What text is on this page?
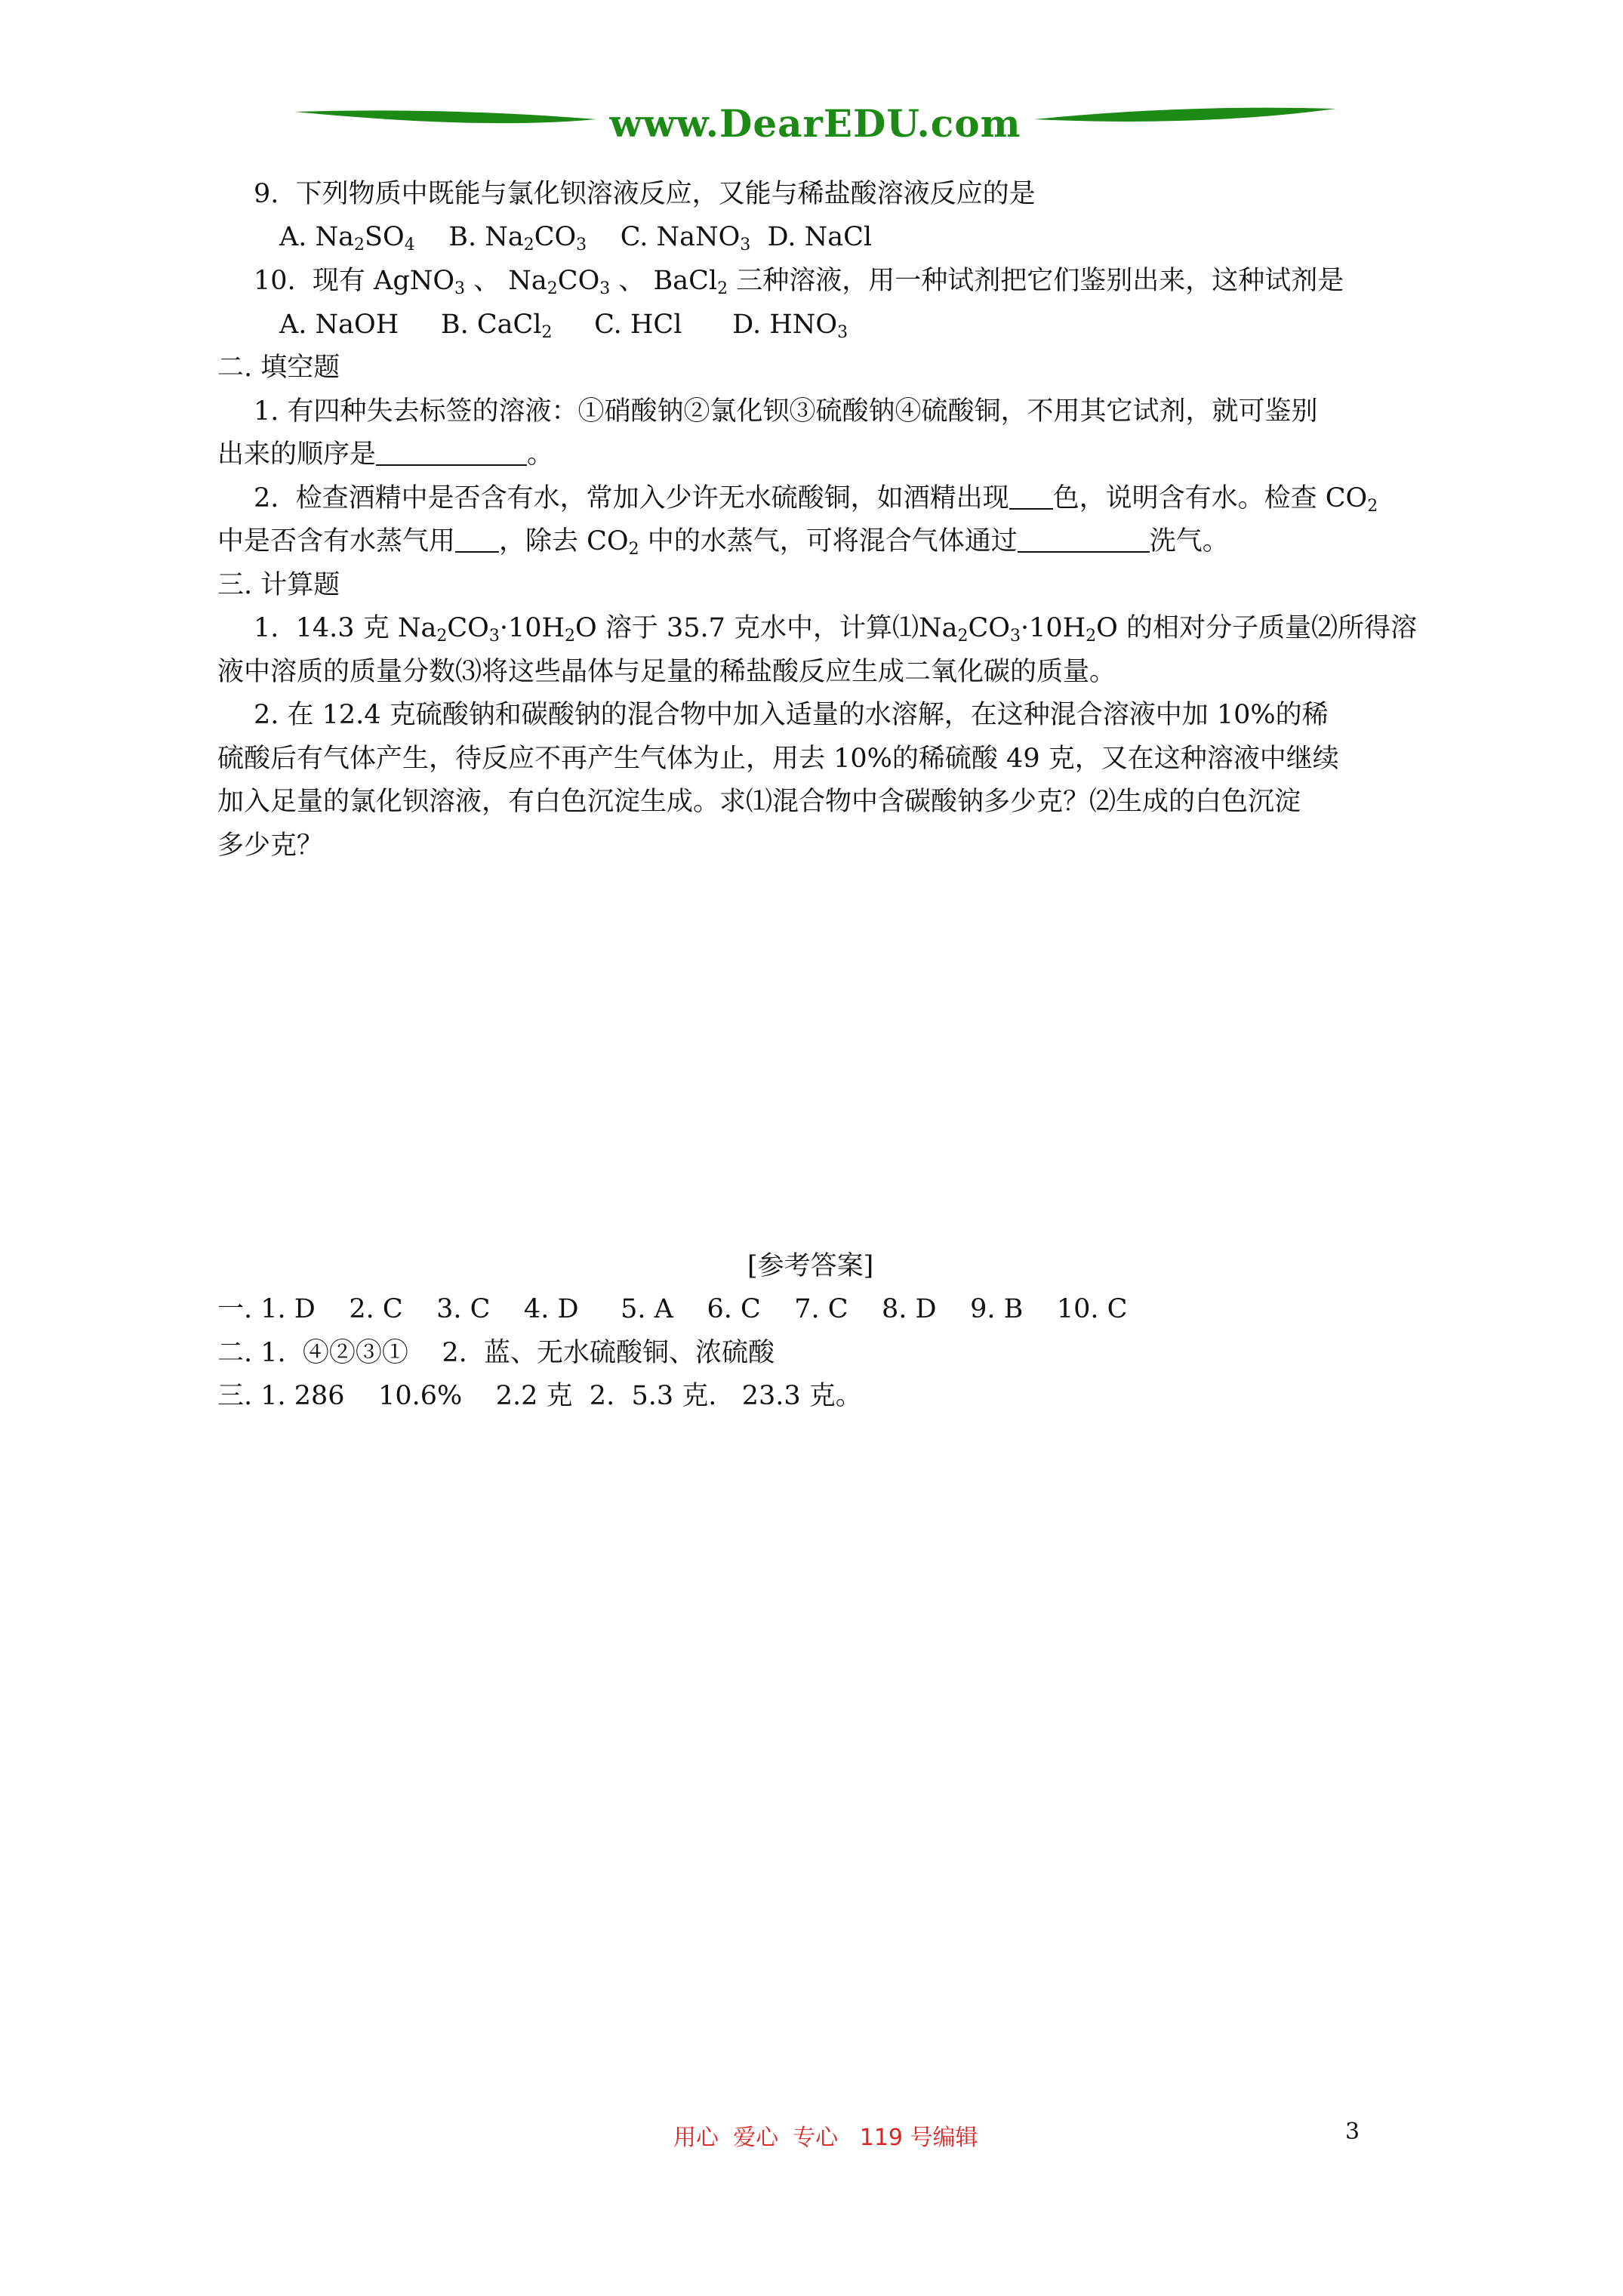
www.DearEDU.com
9.  下列物质中既能与氯化钡溶液反应，又能与稀盐酸溶液反应的是
A. $Na_2SO_4$ B. $Na_2CO_3$ C. NaNO$_3$ D. NaCl
10.  现有 AgNO$_3$ 、 $Na_2CO_3$ 、 BaCl$_2$ 三种溶液，用一种试剂把它们鉴别出来，这种试剂是
A. NaOH B. CaCl$_2$ C. HCl D. $HNO_3$
二. 填空题
1. 有四种失去标签的溶液：①硝酸钠②氯化钡③硫酸钠④硫酸铜，不用其它试剂，就可鉴别
出来的顺序是	。
2.  检查酒精中是否含有水，常加入少许无水硫酸铜，如酒精出现 色，说明含有水。检查 $CO_2$
中是否含有水蒸气用 ，除去 $CO_2$ 中的水蒸气，可将混合气体通过	洗气。
三. 计算题
1.  14.3 克 $Na_2CO_3\cdot 10H_2O$ 溶于 35.7 克水中，计算$⑴Na_2CO_3\cdot 10H_2O$ 的相对分子质量⑵所得溶
液中溶质的质量分数⑶将这些晶体与足量的稀盐酸反应生成二氧化碳的质量。
2. 在 12.4 克硫酸钠和碳酸钠的混合物中加入适量的水溶解，在这种混合溶液中加 10%的稀
硫酸后有气体产生，待反应不再产生气体为止，用去 10%的稀硫酸 49 克，又在这种溶液中继续
加入足量的氯化钡溶液，有白色沉淀生成。求⑴混合物中含碳酸钠多少克？⑵生成的白色沉淀
多少克？
[参考答案]
一. 1. D    2. C    3. C    4. D     5. A    6. C    7. C    8. D    9. B    10. C
二. 1.  ④②③①    2.  蓝、无水硫酸铜、浓硫酸
三. 1. 286    10.6%    2.2 克  2.  5.3 克.   23.3 克。
用心  爱心  专心   119 号编辑	3
